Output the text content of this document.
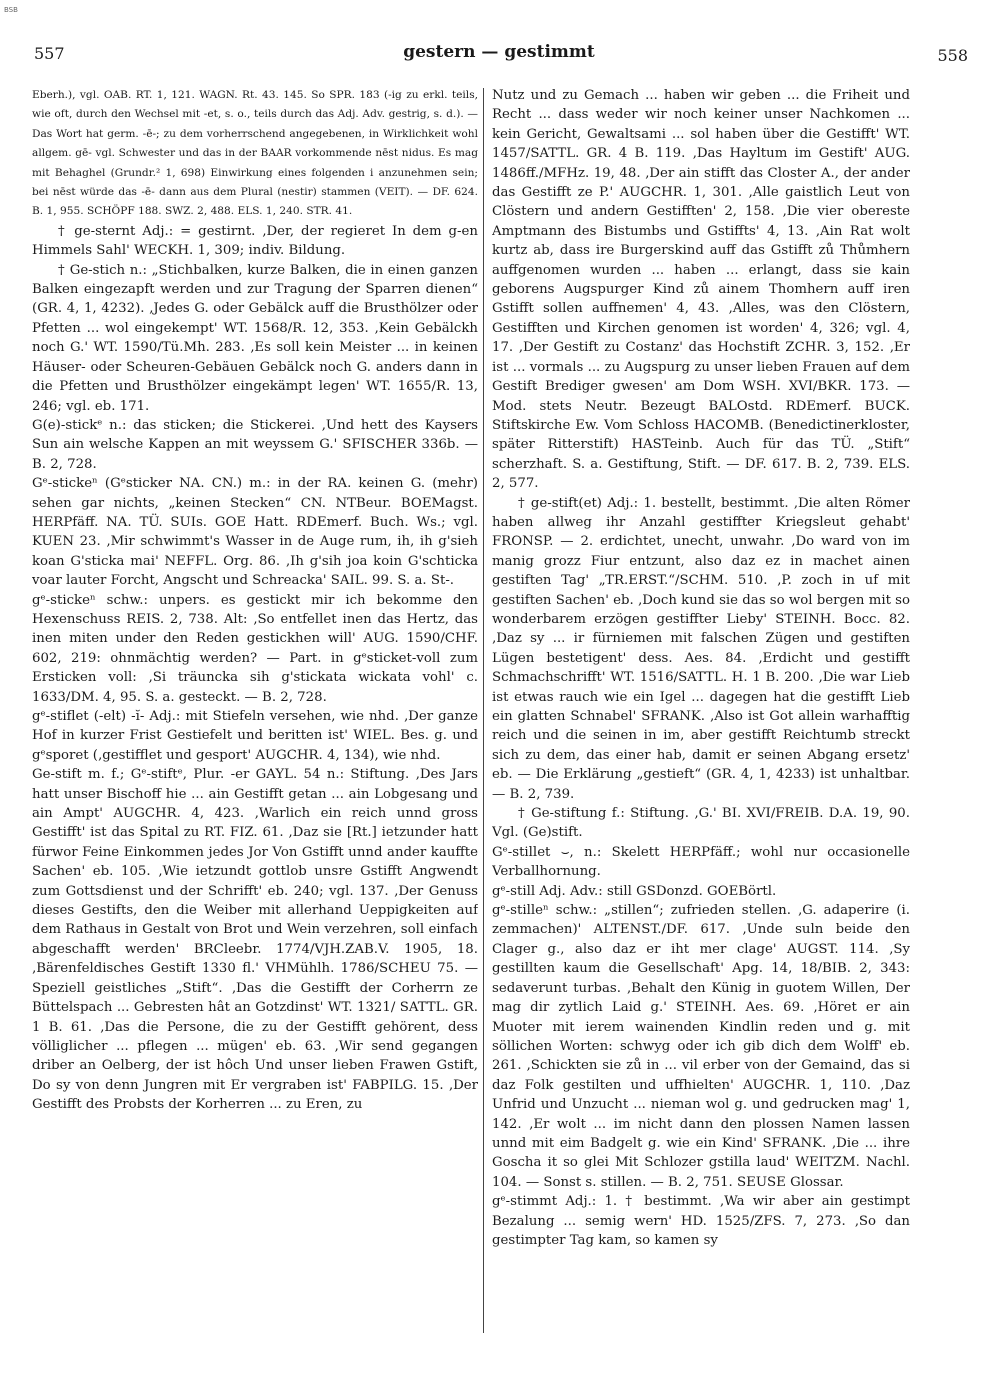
BSB
557	gestern — gestimmt	558

Eberh.), vgl. OAB. RT. 1, 121. WAGN. Rt. 43. 145. So SPR. 183 (-ig zu erkl. teils, wie oft, durch den Wechsel mit -et, s. o., teils durch das Adj. Adv. gestrig, s. d.). — Das Wort hat germ. -ē-; zu dem vorherrschend angegebenen, in Wirklichkeit wohl allgem. gē- vgl. Schwester und das in der BAAR vorkommende nēst nidus. Es mag mit Behaghel (Grundr.² 1, 698) Einwirkung eines folgenden i anzunehmen sein; bei nēst würde das -ē- dann aus dem Plural (nestir) stammen (VEIT). — DF. 624. B. 1, 955. SCHÖPF 188. SWZ. 2, 488. ELS. 1, 240. STR. 41.

† ge-sternt Adj.: = gestirnt. ‚Der, der regieret In dem g-en Himmels Sahl' WECKH. 1, 309; indiv. Bildung.

† Ge-stich n.: „Stichbalken, kurze Balken, die in einen ganzen Balken eingezapft werden und zur Tragung der Sparren dienen“ (GR. 4, 1, 4232). ‚Jedes G. oder Gebälck auff die Brusthölzer oder Pfetten ... wol eingekempt' WT. 1568/R. 12, 353. ‚Kein Gebälckh noch G.' WT. 1590/Tü.Mh. 283. ‚Es soll kein Meister ... in keinen Häuser- oder Scheuren-Gebäuen Gebälck noch G. anders dann in die Pfetten und Brusthölzer eingekämpt legen' WT. 1655/R. 13, 246; vgl. eb. 171.

G(e)-stickᵉ n.: das sticken; die Stickerei. ‚Und hett des Kaysers Sun ain welsche Kappen an mit weyssem G.' SFISCHER 336b. — B. 2, 728.

Gᵉ-stickeⁿ (Gᵉsticker NA. CN.) m.: in der RA. keinen G. (mehr) sehen gar nichts, „keinen Stecken“ CN. NTBeur. BOEMagst. HERPfäff. NA. TÜ. SUIs. GOE Hatt. RDEmerf. Buch. Ws.; vgl. KUEN 23. ‚Mir schwimmt's Wasser in de Auge rum, ih, ih g'sieh koan G'sticka mai' NEFFL. Org. 86. ‚Ih g'sih joa koin G'schticka voar lauter Forcht, Angscht und Schreacka' SAIL. 99. S. a. St-.

gᵉ-stickeⁿ schw.: unpers. es gestickt mir ich bekomme den Hexenschuss REIS. 2, 738. Alt: ‚So entfellet inen das Hertz, das inen miten under den Reden gestickhen will' AUG. 1590/CHF. 602, 219: ohnmächtig werden? — Part. in gᵉsticket-voll zum Ersticken voll: ‚Si träuncka sih g'stickata wickata vohl' c. 1633/DM. 4, 95. S. a. gesteckt. — B. 2, 728.

gᵉ-stiflet (-elt) -ĭ- Adj.: mit Stiefeln versehen, wie nhd. ‚Der ganze Hof in kurzer Frist Gestiefelt und beritten ist' WIEL. Bes. g. und gᵉsporet (‚gestifflet und gesport' AUGCHR. 4, 134), wie nhd.

Ge-stift m. f.; Gᵉ-stiftᵉ, Plur. -er GAYL. 54 n.: Stiftung. ‚Des Jars hatt unser Bischoff hie ... ain Gestifft getan ... ain Lobgesang und ain Ampt' AUGCHR. 4, 423. ‚Warlich ein reich unnd gross Gestifft' ist das Spital zu RT. FIZ. 61. ‚Daz sie [Rt.] ietzunder hatt fürwor Feine Einkommen jedes Jor Von Gstifft unnd ander kauffte Sachen' eb. 105. ‚Wie ietzundt gottlob unsre Gstifft Angwendt zum Gottsdienst und der Schrifft' eb. 240; vgl. 137. ‚Der Genuss dieses Gestifts, den die Weiber mit allerhand Ueppigkeiten auf dem Rathaus in Gestalt von Brot und Wein verzehren, soll einfach abgeschafft werden' BRCleebr. 1774/VJH.ZAB.V. 1905, 18. ‚Bärenfeldisches Gestift 1330 fl.' VHMühlh. 1786/SCHEU 75. — Speziell geistliches „Stift“. ‚Das die Gestifft der Corherrn ze Büttelspach ... Gebresten hât an Gotzdinst' WT. 1321/ SATTL. GR. 1 B. 61. ‚Das die Persone, die zu der Gestifft gehörent, dess völliglicher ... pflegen ... mügen' eb. 63. ‚Wir send gegangen driber an Oelberg, der ist hôch Und unser lieben Frawen Gstift, Do sy von denn Jungren mit Er vergraben ist' FABPILG. 15. ‚Der Gestifft des Probsts der Korherren ... zu Eren, zu

Nutz und zu Gemach ... haben wir geben ... die Friheit und Recht ... dass weder wir noch keiner unser Nachkomen ... kein Gericht, Gewaltsami ... sol haben über die Gestifft' WT. 1457/SATTL. GR. 4 B. 119. ‚Das Hayltum im Gestift' AUG. 1486ff./MFHz. 19, 48. ‚Der ain stifft das Closter A., der ander das Gestifft ze P.' AUGCHR. 1, 301. ‚Alle gaistlich Leut von Clöstern und andern Gestifften' 2, 158. ‚Die vier obereste Amptmann des Bistumbs und Gstiffts' 4, 13. ‚Ain Rat wolt kurtz ab, dass ire Burgerskind auff das Gstifft zů Thůmhern auffgenomen wurden ... haben ... erlangt, dass sie kain geborens Augspurger Kind zů ainem Thomhern auff iren Gstifft sollen auffnemen' 4, 43. ‚Alles, was den Clöstern, Gestifften und Kirchen genomen ist worden' 4, 326; vgl. 4, 17. ‚Der Gestift zu Costanz' das Hochstift ZCHR. 3, 152. ‚Er ist ... vormals ... zu Augspurg zu unser lieben Frauen auf dem Gestift Brediger gwesen' am Dom WSH. XVI/BKR. 173. — Mod. stets Neutr. Bezeugt BALOstd. RDEmerf. BUCK. Stiftskirche Ew. Vom Schloss HACOMB. (Benedictinerkloster, später Ritterstift) HASTeinb. Auch für das TÜ. „Stift“ scherzhaft. S. a. Gestiftung, Stift. — DF. 617. B. 2, 739. ELS. 2, 577.

† ge-stift(et) Adj.: 1. bestellt, bestimmt. ‚Die alten Römer haben allweg ihr Anzahl gestiffter Kriegsleut gehabt' FRONSP. — 2. erdichtet, unecht, unwahr. ‚Do ward von im manig grozz Fiur entzunt, also daz ez in machet ainen gestiften Tag' „TR.ERST.“/SCHM. 510. ‚P. zoch in uf mit gestiften Sachen' eb. ‚Doch kund sie das so wol bergen mit so wonderbarem erzögen gestiffter Lieby' STEINH. Bocc. 82. ‚Daz sy ... ir fürniemen mit falschen Zügen und gestiften Lügen bestetigent' dess. Aes. 84. ‚Erdicht und gestifft Schmachschrifft' WT. 1516/SATTL. H. 1 B. 200. ‚Die war Lieb ist etwas rauch wie ein Igel ... dagegen hat die gestifft Lieb ein glatten Schnabel' SFRANK. ‚Also ist Got allein warhafftig reich und die seinen in im, aber gestifft Reichtumb streckt sich zu dem, das einer hab, damit er seinen Abgang ersetz' eb. — Die Erklärung „gestieft“ (GR. 4, 1, 4233) ist unhaltbar. — B. 2, 739.

† Ge-stiftung f.: Stiftung. ‚G.' BI. XVI/FREIB. D.A. 19, 90. Vgl. (Ge)stift.

Gᵉ-stillet ⌣, n.: Skelett HERPfäff.; wohl nur occasionelle Verballhornung.

gᵉ-still Adj. Adv.: still GSDonzd. GOEBörtl.

gᵉ-stilleⁿ schw.: „stillen“; zufrieden stellen. ‚G. adaperire (i. zemmachen)' ALTENST./DF. 617. ‚Unde suln beide den Clager g., also daz er iht mer clage' AUGST. 114. ‚Sy gestillten kaum die Gesellschaft' Apg. 14, 18/BIB. 2, 343: sedaverunt turbas. ‚Behalt den Künig in guotem Willen, Der mag dir zytlich Laid g.' STEINH. Aes. 69. ‚Höret er ain Muoter mit ierem wainenden Kindlin reden und g. mit söllichen Worten: schwyg oder ich gib dich dem Wolff' eb. 261. ‚Schickten sie zů in ... vil erber von der Gemaind, das si daz Folk gestilten und uffhielten' AUGCHR. 1, 110. ‚Daz Unfrid und Unzucht ... nieman wol g. und gedrucken mag' 1, 142. ‚Er wolt ... im nicht dann den plossen Namen lassen unnd mit eim Badgelt g. wie ein Kind' SFRANK. ‚Die ... ihre Goscha it so glei Mit Schlozer gstilla laud' WEITZM. Nachl. 104. — Sonst s. stillen. — B. 2, 751. SEUSE Glossar.

gᵉ-stimmt Adj.: 1. † bestimmt. ‚Wa wir aber ain gestimpt Bezalung ... semig wern' HD. 1525/ZFS. 7, 273. ‚So dan gestimpter Tag kam, so kamen sy
